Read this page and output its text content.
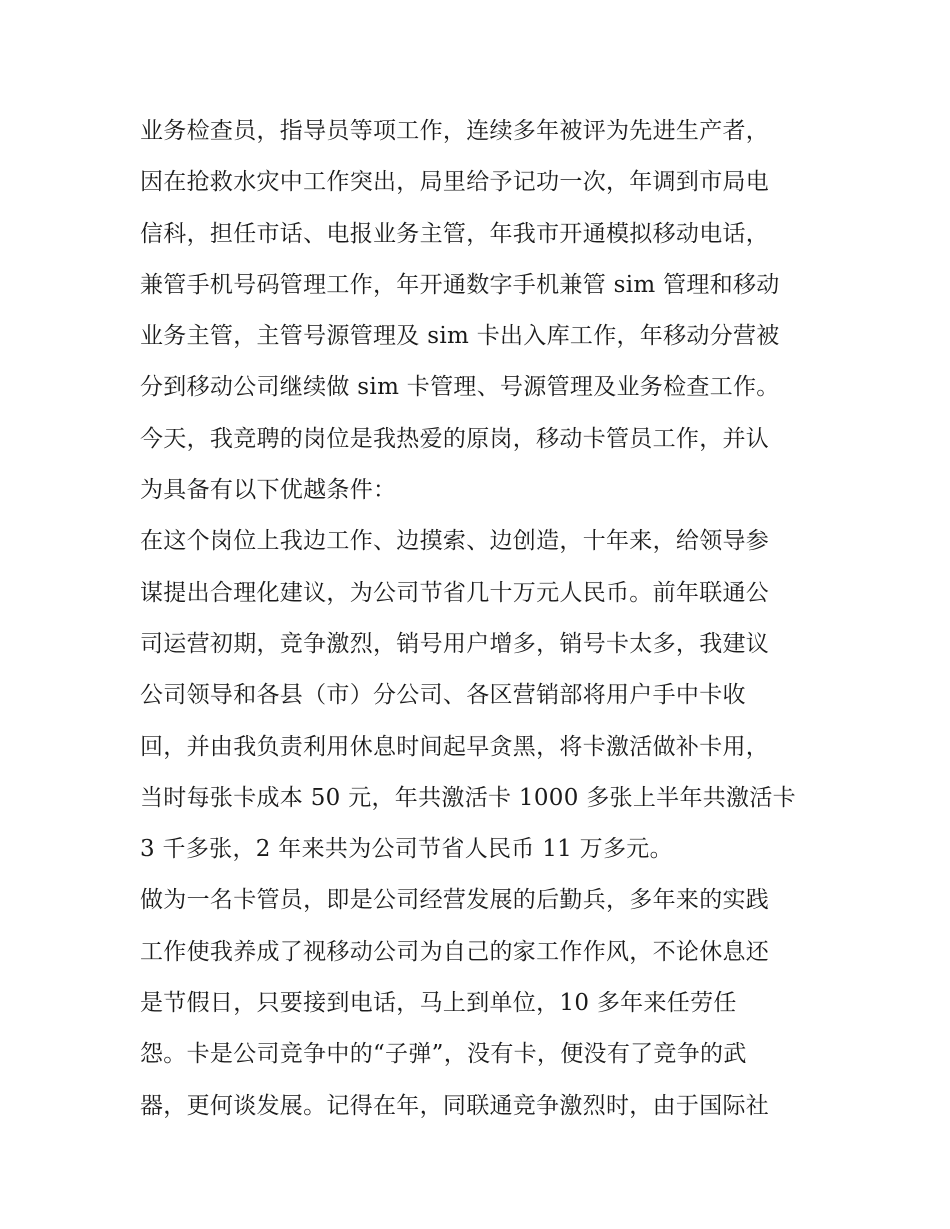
业务检查员，指导员等项工作，连续多年被评为先进生产者，
因在抢救水灾中工作突出，局里给予记功一次，年调到市局电
信科，担任市话、电报业务主管，年我市开通模拟移动电话，
兼管手机号码管理工作，年开通数字手机兼管 sim 管理和移动
业务主管，主管号源管理及 sim 卡出入库工作，年移动分营被
分到移动公司继续做 sim 卡管理、号源管理及业务检查工作。
今天，我竞聘的岗位是我热爱的原岗，移动卡管员工作，并认
为具备有以下优越条件：
在这个岗位上我边工作、边摸索、边创造，十年来，给领导参
谋提出合理化建议，为公司节省几十万元人民币。前年联通公
司运营初期，竞争激烈，销号用户增多，销号卡太多，我建议
公司领导和各县（市）分公司、各区营销部将用户手中卡收
回，并由我负责利用休息时间起早贪黑，将卡激活做补卡用，
当时每张卡成本 50 元，年共激活卡 1000 多张上半年共激活卡
3 千多张，2 年来共为公司节省人民币 11 万多元。
做为一名卡管员，即是公司经营发展的后勤兵，多年来的实践
工作使我养成了视移动公司为自己的家工作作风，不论休息还
是节假日，只要接到电话，马上到单位，10 多年来任劳任
怨。卡是公司竞争中的“子弹”，没有卡，便没有了竞争的武
器，更何谈发展。记得在年，同联通竞争激烈时，由于国际社
